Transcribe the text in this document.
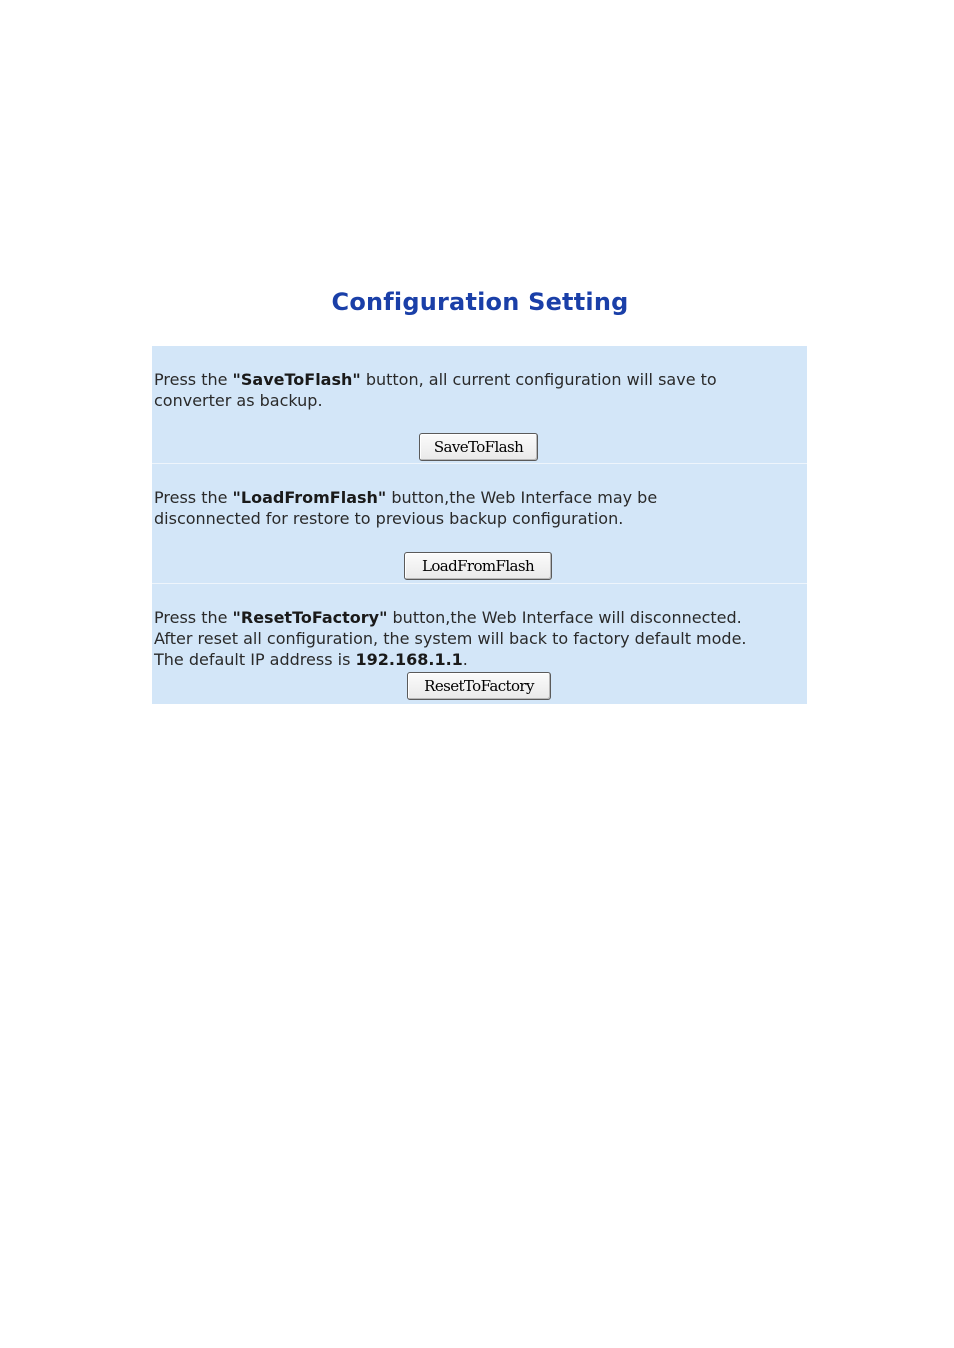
Configuration Setting
Press the "SaveToFlash" button, all current configuration will save to
converter as backup.
SaveToFlash
Press the "LoadFromFlash" button,the Web Interface may be
disconnected for restore to previous backup configuration.
LoadFromFlash
Press the "ResetToFactory" button,the Web Interface will disconnected.
After reset all configuration, the system will back to factory default mode.
The default IP address is 192.168.1.1.
ResetToFactory
